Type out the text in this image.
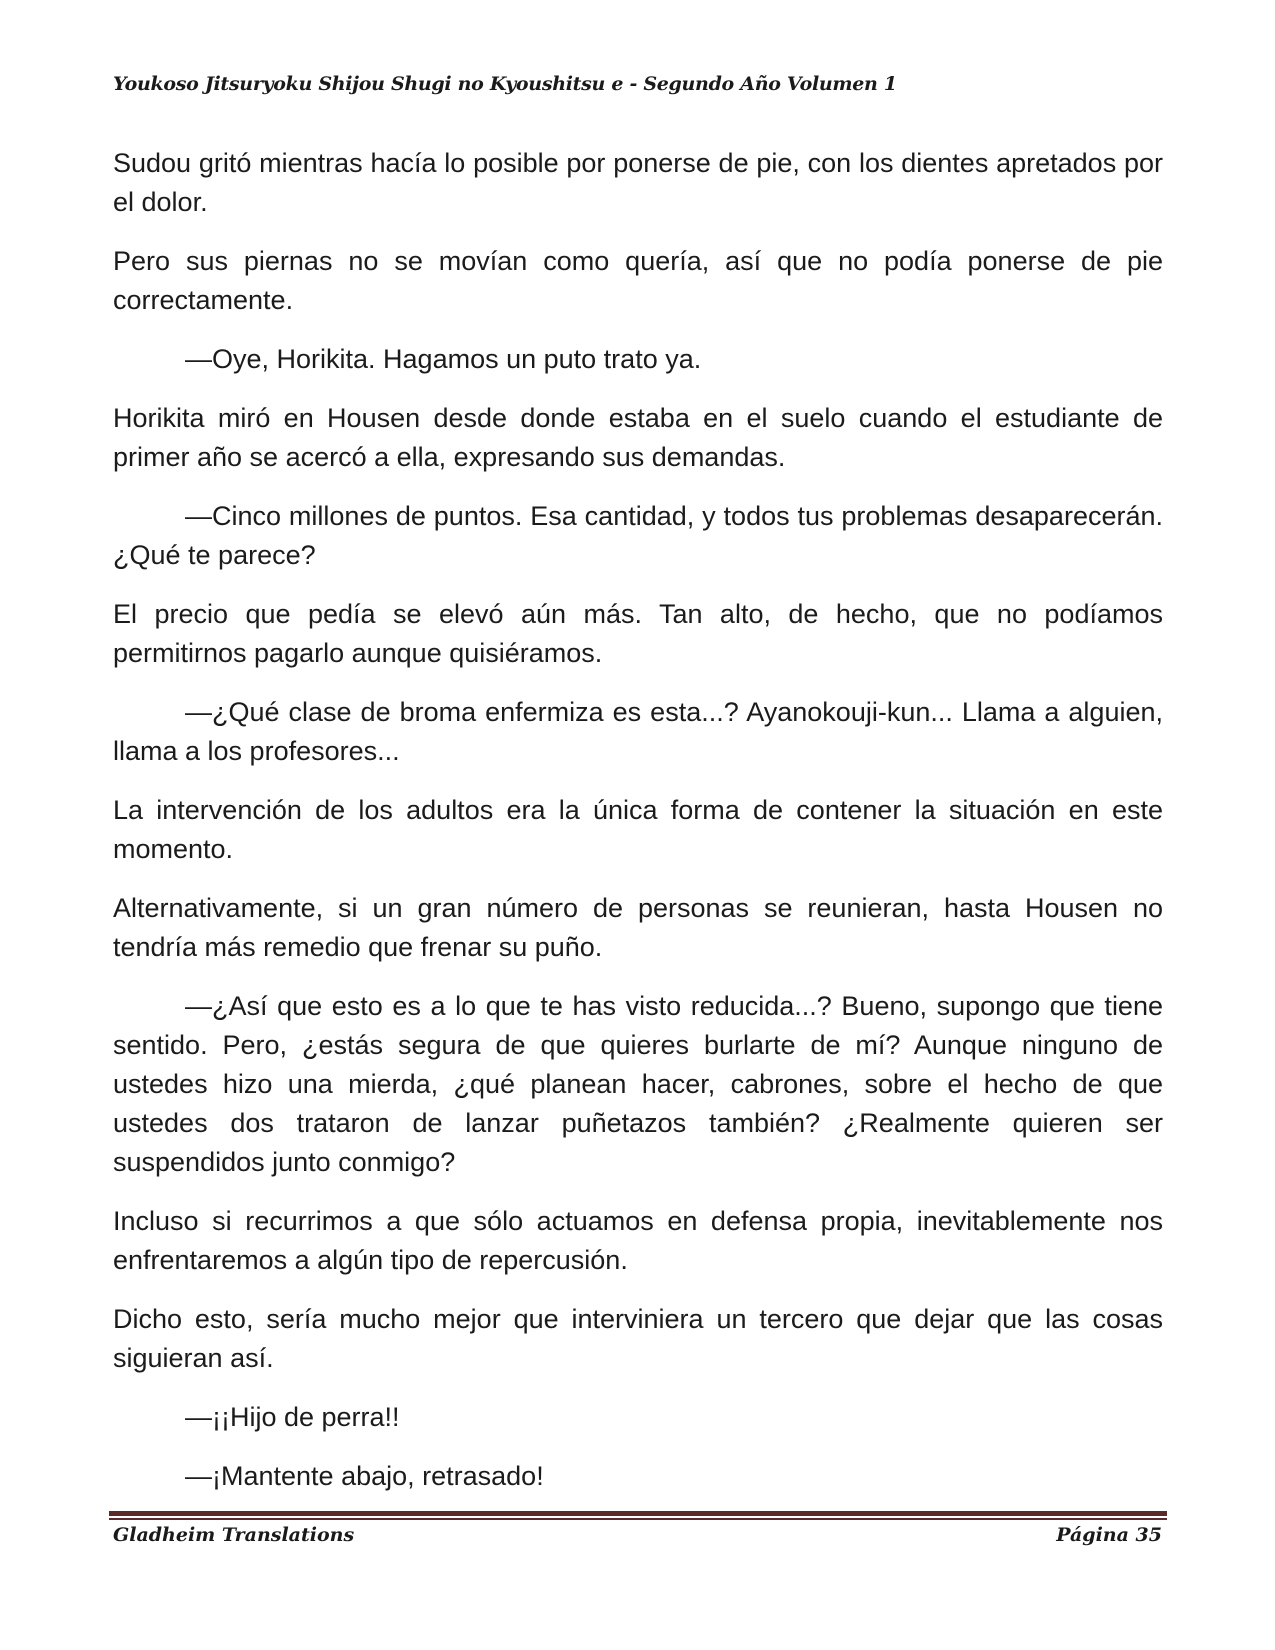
Youkoso Jitsuryoku Shijou Shugi no Kyoushitsu e - Segundo Año Volumen 1

Sudou gritó mientras hacía lo posible por ponerse de pie, con los dientes apretados por el dolor.

Pero sus piernas no se movían como quería, así que no podía ponerse de pie correctamente.

—Oye, Horikita. Hagamos un puto trato ya.

Horikita miró en Housen desde donde estaba en el suelo cuando el estudiante de primer año se acercó a ella, expresando sus demandas.

—Cinco millones de puntos. Esa cantidad, y todos tus problemas desaparecerán. ¿Qué te parece?

El precio que pedía se elevó aún más. Tan alto, de hecho, que no podíamos permitirnos pagarlo aunque quisiéramos.

—¿Qué clase de broma enfermiza es esta...? Ayanokouji-kun... Llama a alguien, llama a los profesores...

La intervención de los adultos era la única forma de contener la situación en este momento.

Alternativamente, si un gran número de personas se reunieran, hasta Housen no tendría más remedio que frenar su puño.

—¿Así que esto es a lo que te has visto reducida...? Bueno, supongo que tiene sentido. Pero, ¿estás segura de que quieres burlarte de mí? Aunque ninguno de ustedes hizo una mierda, ¿qué planean hacer, cabrones, sobre el hecho de que ustedes dos trataron de lanzar puñetazos también? ¿Realmente quieren ser suspendidos junto conmigo?

Incluso si recurrimos a que sólo actuamos en defensa propia, inevitablemente nos enfrentaremos a algún tipo de repercusión.

Dicho esto, sería mucho mejor que interviniera un tercero que dejar que las cosas siguieran así.

—¡¡Hijo de perra!!

—¡Mantente abajo, retrasado!

Gladheim Translations	Página 35
